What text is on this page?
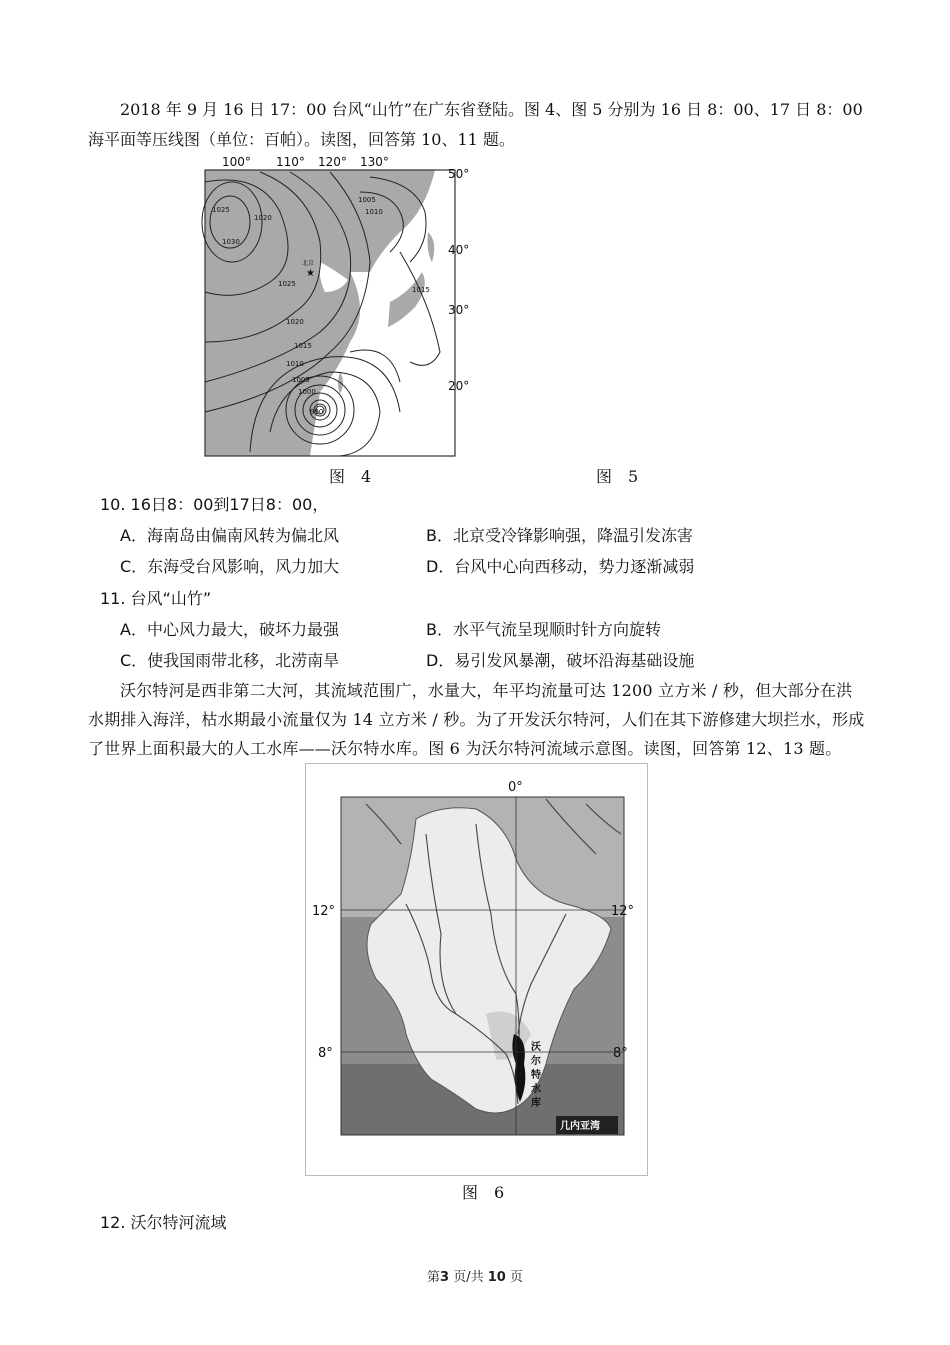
2018 年 9 月 16 日 17：00 台风“山竹”在广东省登陆。图 4、图 5 分别为 16 日 8：00、17 日 8：00 海平面等压线图（单位：百帕）。读图，回答第 10、11 题。

★
北京
1025
1020
1030
1005
1010
1025
1015
1020
1015
1010
1005
1000
990
100° 110° 120° 130°
50°
40°
30°
20°
图　4	图　5
10. 16日8：00到17日8：00，
A．海南岛由偏南风转为偏北风	B．北京受冷锋影响强，降温引发冻害
C．东海受台风影响，风力加大	D．台风中心向西移动，势力逐渐减弱
11. 台风“山竹”
A．中心风力最大，破坏力最强	B．水平气流呈现顺时针方向旋转
C．使我国雨带北移，北涝南旱	D．易引发风暴潮，破坏沿海基础设施

沃尔特河是西非第二大河，其流域范围广，水量大，年平均流量可达 1200 立方米 / 秒，但大部分在洪水期排入海洋，枯水期最小流量仅为 14 立方米 / 秒。为了开发沃尔特河，人们在其下游修建大坝拦水，形成了世界上面积最大的人工水库——沃尔特水库。图 6 为沃尔特河流域示意图。读图，回答第 12、13 题。

0°
12°	12°
8°	8°
沃
尔
特
水
库
几内亚湾
图　6
12. 沃尔特河流域
第3 页/共 10 页
